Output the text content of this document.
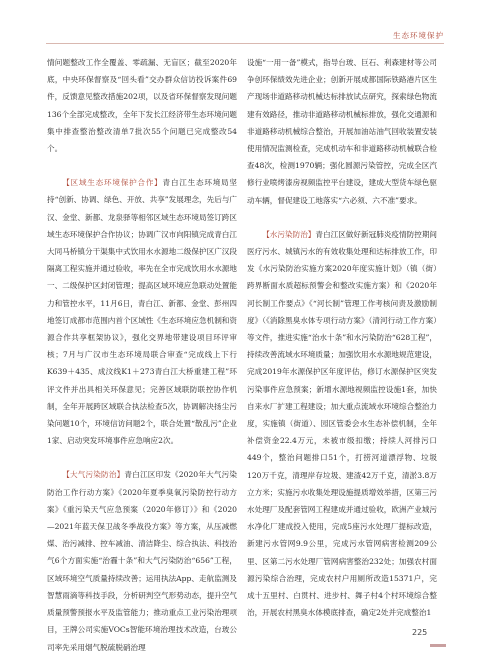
生态环境保护

情问题整改工作全覆盖、零疏漏、无盲区；截至2020年底，中央环保督察及“回头看”交办群众信访投诉案件69件，反馈意见整改措施202项，以及省环保督察发现问题136个全部完成整改，全年下发长江经济带生态环境问题集中排查整治整改清单7批次55个问题已完成整改54个。

【区域生态环境保护合作】青白江生态环境局坚持“创新、协调、绿色、开放、共享”发展理念，先后与广汉、金堂、新都、龙泉驿等相邻区域生态环境局签订跨区域生态环境保护合作协议；协调广汉市向阳镇完成青白江大同马桥镇分干渠集中式饮用水水源地二级保护区广汉段隔离工程实施并通过验收，率先在全市完成饮用水水源地一、二级保护区封闭管理；提高区域环境应急联动处置能力和管控水平，11月6日，青白江、新都、金堂、彭州四地签订成都市范围内首个区域性《生态环境应急机制和资源合作共享框架协议》，强化交界地带建设项目环评审核；7月与广汉市生态环境局联合审查“完成线上下行K639＋435、成汶线K1＋273青白江大桥重建工程”环评文件并出具相关环保意见；完善区域联防联控协作机制，全年开展跨区域联合执法检查5次，协调解决扬尘污染问题10个，环境信访问题2个，联合处置“散乱污”企业1家、启动突发环境事件应急响应2次。

【大气污染防治】青白江区印发《2020年大气污染防治工作行动方案》《2020年夏季臭氧污染防控行动方案》《重污染天气应急预案（2020年修订）》和《2020—2021年蓝天保卫战冬季战役方案》等方案，从压减燃煤、治污减排、控车减油、清洁降尘、综合执法、科技治气6个方面实施“治霾十条”和大气污染防治“656”工程，区域环境空气质量持续改善；运用执法App、走航监测及智慧雨滴等科技手段，分析研判空气形势动态，提升空气质量预警预报水平及监管能力；推动重点工业污染治理项目，王牌公司实施VOCs智能环境治理技术改造，台玻公司率先采用烟气脱硫脱硝治理

设施“一用一备”模式，指导台玻、巨石、利森建材等公司争创环保绩效先进企业；创新开展成都国际铁路港片区生产现场非道路移动机械达标排放试点研究，探索绿色物流建有效路径，推动非道路移动机械标排放，强化交通源和非道路移动机械综合整治，开展加油站油气回收装置安装使用情况监测检查，完成机动车和非道路移动机械联合检查48次，检测1970辆；强化圆源污染管控，完成全区汽修行业喷烤漆房视频监控平台建设，建成大型货车绿色驱动车辆，督促建设工地落实“六必须、六不准”要求。

【水污染防治】青白江区做好新冠肺炎疫情防控期间医疗污水、城镇污水的有效收集处理和达标排放工作，印发《水污染防治实施方案2020年度实施计划》（镇（街）跨界断面水质超标预警会和整改实施方案）和《2020年河长制工作要点》《“河长制”管理工作考核问责及激励制度》（《消除黑臭水体专项行动方案》（清河行动工作方案）等文件，推进实施“治水十条”和水污染防治“628工程”，持续改善流域水环境质量；加强饮用水水源地规范建设，完成2019年水源保护区年度评估，修订水源保护区突发污染事件应急预案；新增水源地视频监控设施1套，加快自来水厂扩建工程建设；加大重点流域水环境综合整治力度，实施镇（街道）、园区管委会水生态补偿机制，全年补偿资金22.4万元，未被市级扣缴；持续人河排污口449个，整治问题排口51个，打捞河道漂浮物、垃圾120万千克，清理岸存垃圾、建渣42万千克，清淤3.8万立方米；实施污水收集处理设施提质增效举措，区第三污水处理厂及配套管网工程建成并通过验收，欧洲产业城污水净化厂建成投入使用，完成5座污水处理厂提标改造，新建污水管网9.9公里，完成污水管网病害检测209公里、区第二污水处理厂管网病害整治232处；加强农村面源污染综合治理，完成农村户用厕所改造15371户，完成十五里村、白贯村、进步村、舞子村4个村环境综合整治，开展农村黑臭水体模底排查，确定2处并完成整治1

225
